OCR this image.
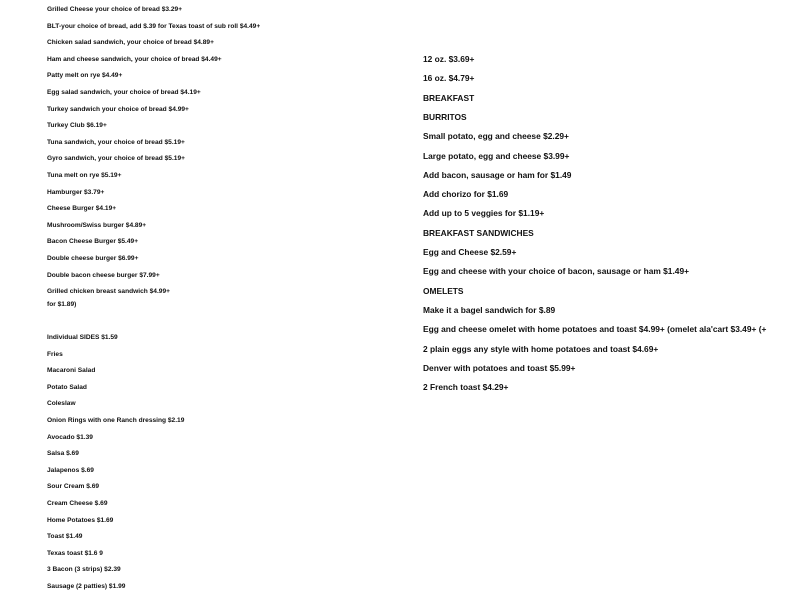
Grilled Cheese your choice of bread $3.29+
BLT-your choice of bread, add $.39 for Texas toast of sub roll $4.49+
Chicken salad sandwich, your choice of bread $4.89+
Ham and cheese sandwich, your choice of bread $4.49+
Patty melt on rye $4.49+
Egg salad sandwich, your choice of bread $4.19+
Turkey sandwich your choice of bread $4.99+
Turkey Club $6.19+
Tuna sandwich, your choice of bread $5.19+
Gyro sandwich, your choice of bread $5.19+
Tuna melt on rye $5.19+
Hamburger $3.79+
Cheese Burger $4.19+
Mushroom/Swiss burger $4.89+
Bacon Cheese Burger $5.49+
Double cheese burger $6.99+
Double bacon cheese burger $7.99+
Grilled chicken breast sandwich $4.99+
for $1.89)
Individual SIDES $1.59
Fries
Macaroni Salad
Potato Salad
Coleslaw
Onion Rings with one Ranch dressing $2.19
Avocado $1.39
Salsa $.69
Jalapenos $.69
Sour Cream $.69
Cream Cheese $.69
Home Potatoes $1.69
Toast $1.49
Texas toast $1.6 9
3 Bacon (3 strips) $2.39
Sausage (2 patties) $1.99
12 oz. $3.69+
16 oz. $4.79+
BREAKFAST
BURRITOS
Small potato, egg and cheese $2.29+
Large potato, egg and cheese $3.99+
Add bacon, sausage or ham for $1.49
Add chorizo for $1.69
Add up to 5 veggies for $1.19+
BREAKFAST SANDWICHES
Egg and Cheese $2.59+
Egg and cheese with your choice of bacon, sausage or ham $1.49+
OMELETS
Make it a bagel sandwich for $.89
Egg and cheese omelet with home potatoes and toast $4.99+ (omelet ala'cart $3.49+ (+
2 plain eggs any style with home potatoes and toast $4.69+
Denver with potatoes and toast $5.99+
2 French toast $4.29+
